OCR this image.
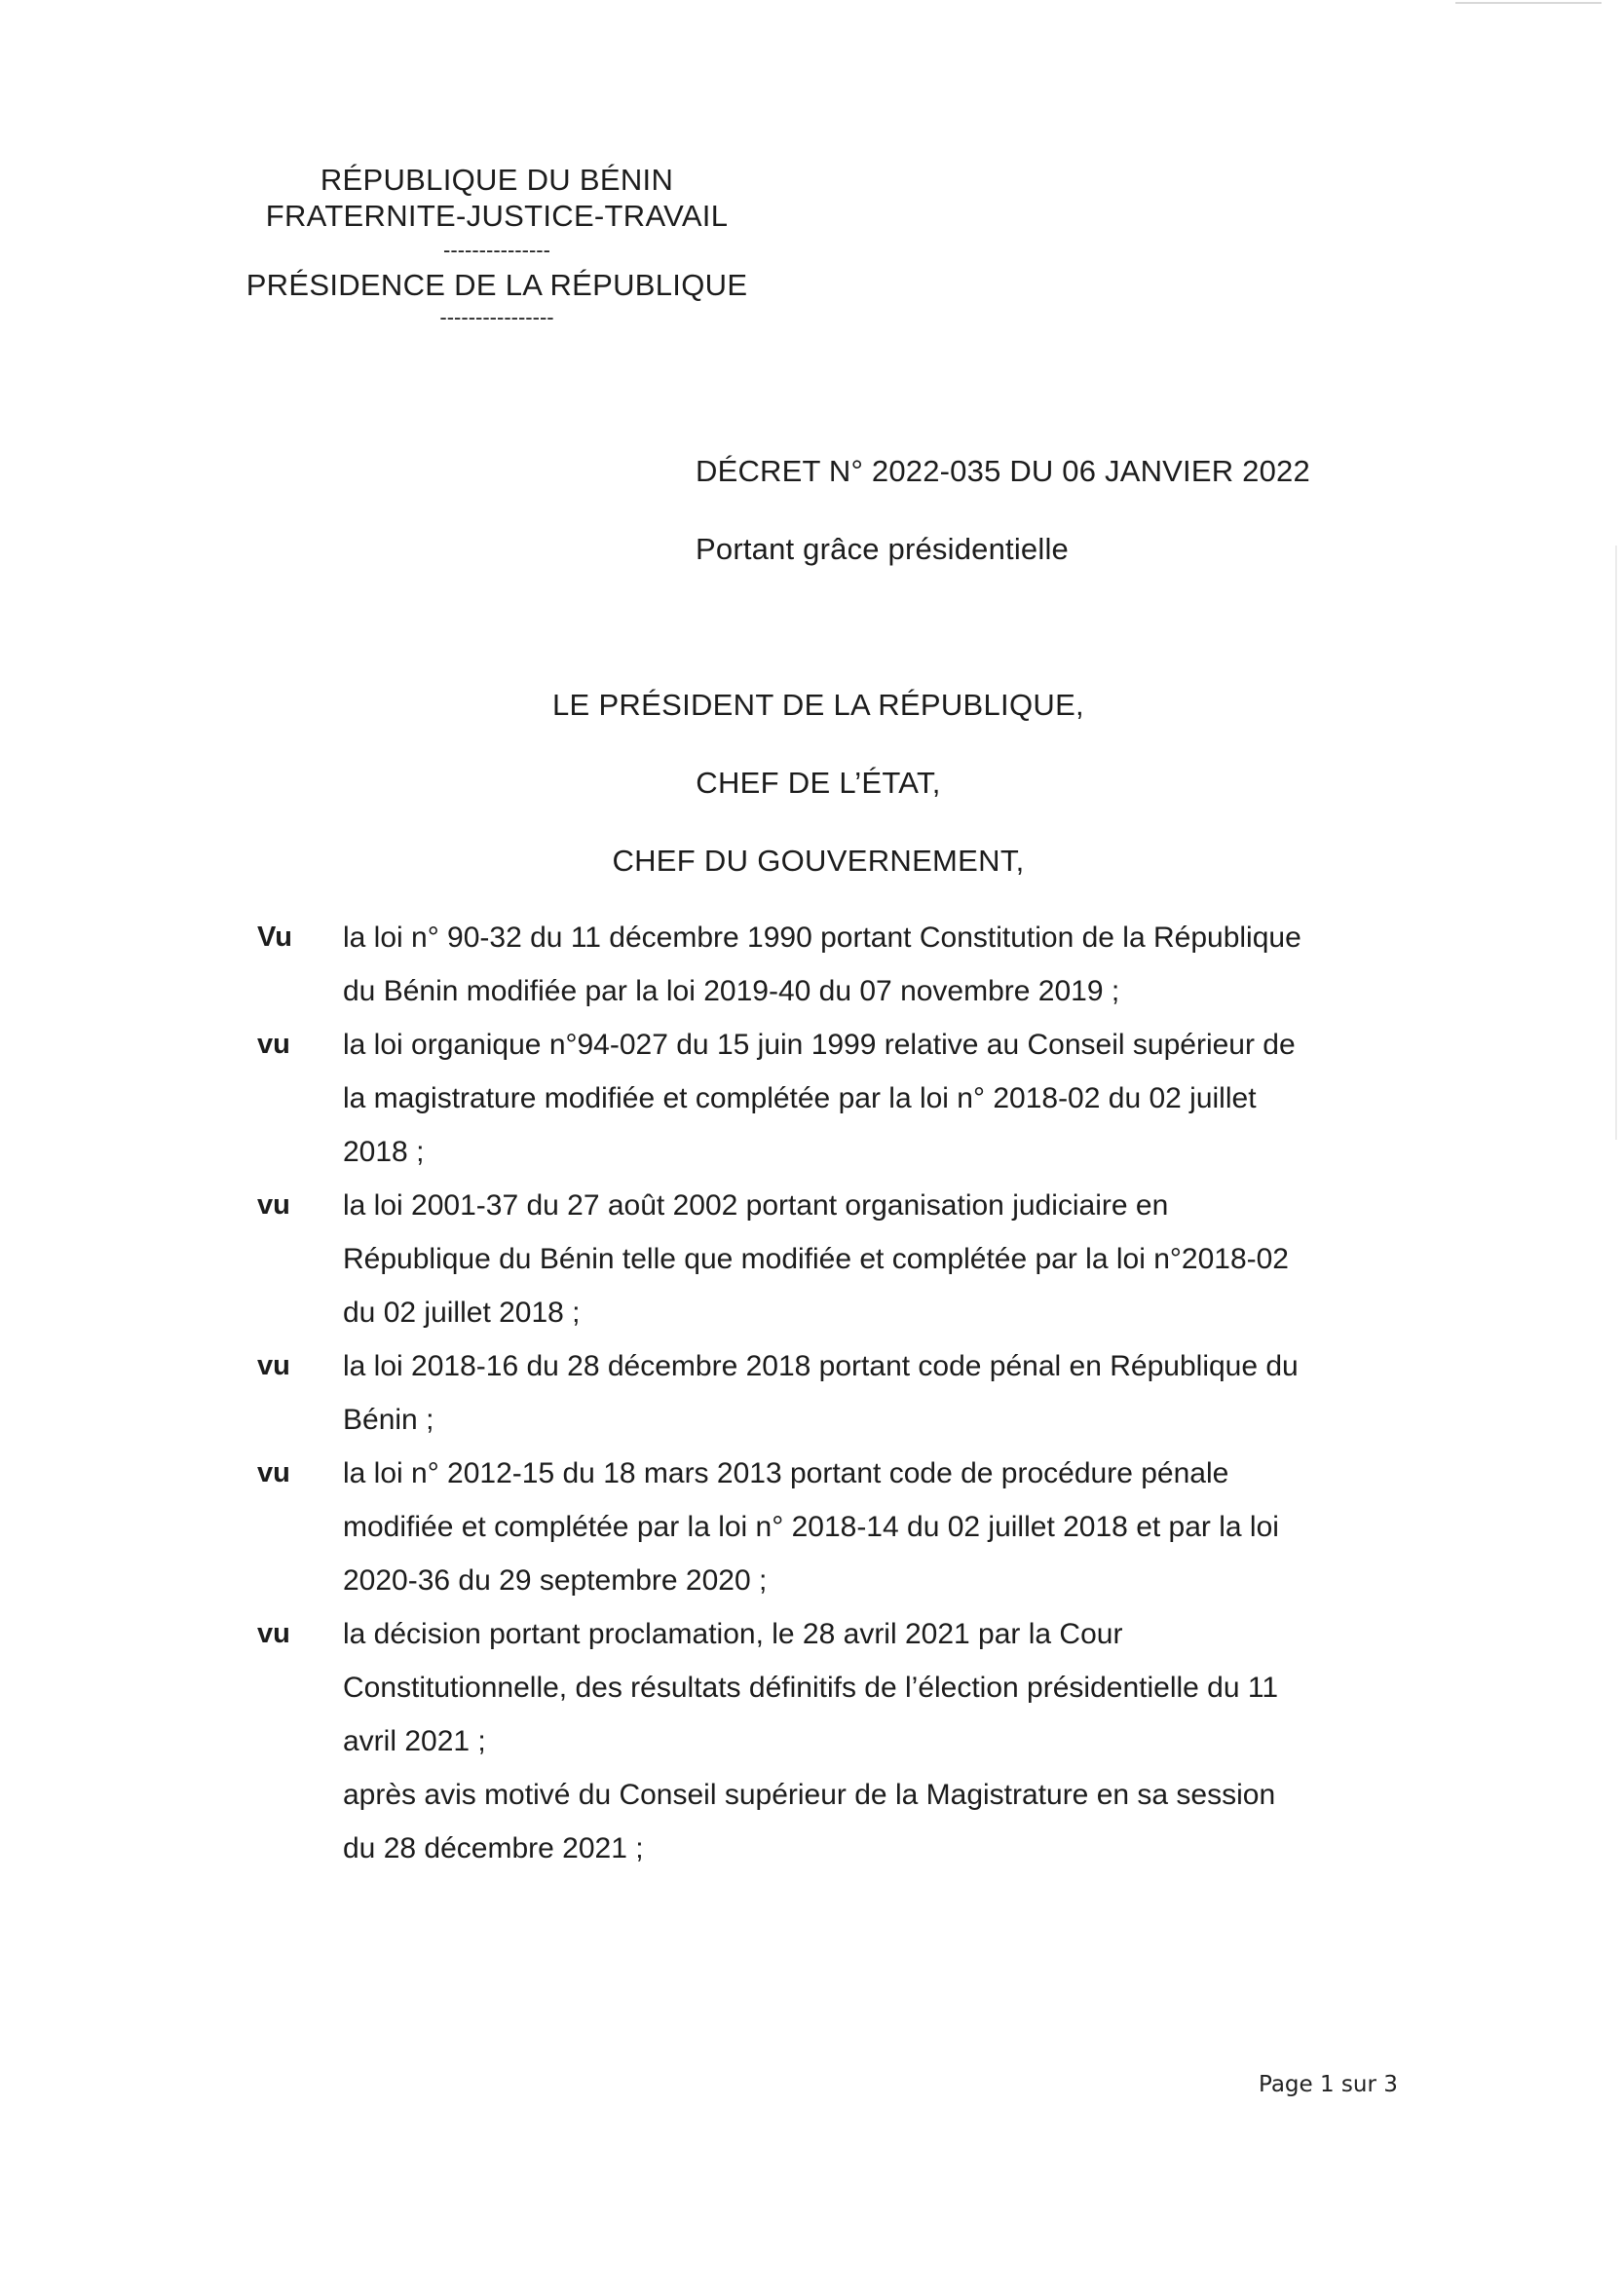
RÉPUBLIQUE DU BÉNIN
FRATERNITE-JUSTICE-TRAVAIL
---------------
PRÉSIDENCE DE LA RÉPUBLIQUE
----------------
DÉCRET N° 2022-035 DU 06 JANVIER 2022
Portant grâce présidentielle
LE PRÉSIDENT DE LA RÉPUBLIQUE,
CHEF DE L’ÉTAT,
CHEF DU GOUVERNEMENT,
Vu	la loi n° 90-32 du 11 décembre 1990 portant Constitution de la République
du Bénin modifiée par la loi 2019-40 du 07 novembre 2019 ;
vu	la loi organique n°94-027 du 15 juin 1999 relative au Conseil supérieur de
la magistrature modifiée et complétée par la loi n° 2018-02 du 02 juillet
2018 ;
vu	la loi 2001-37 du 27 août 2002 portant organisation judiciaire en
République du Bénin telle que modifiée et complétée par la loi n°2018-02
du 02 juillet 2018 ;
vu	la loi 2018-16 du 28 décembre 2018 portant code pénal en République du
Bénin ;
vu	la loi n° 2012-15 du 18 mars 2013 portant code de procédure pénale
modifiée et complétée par la loi n° 2018-14 du 02 juillet 2018 et par la loi
2020-36 du 29 septembre 2020 ;
vu	la décision portant proclamation, le 28 avril 2021 par la Cour
Constitutionnelle, des résultats définitifs de l’élection présidentielle du 11
avril 2021 ;
après avis motivé du Conseil supérieur de la Magistrature en sa session
du 28 décembre 2021 ;
Page 1 sur 3
